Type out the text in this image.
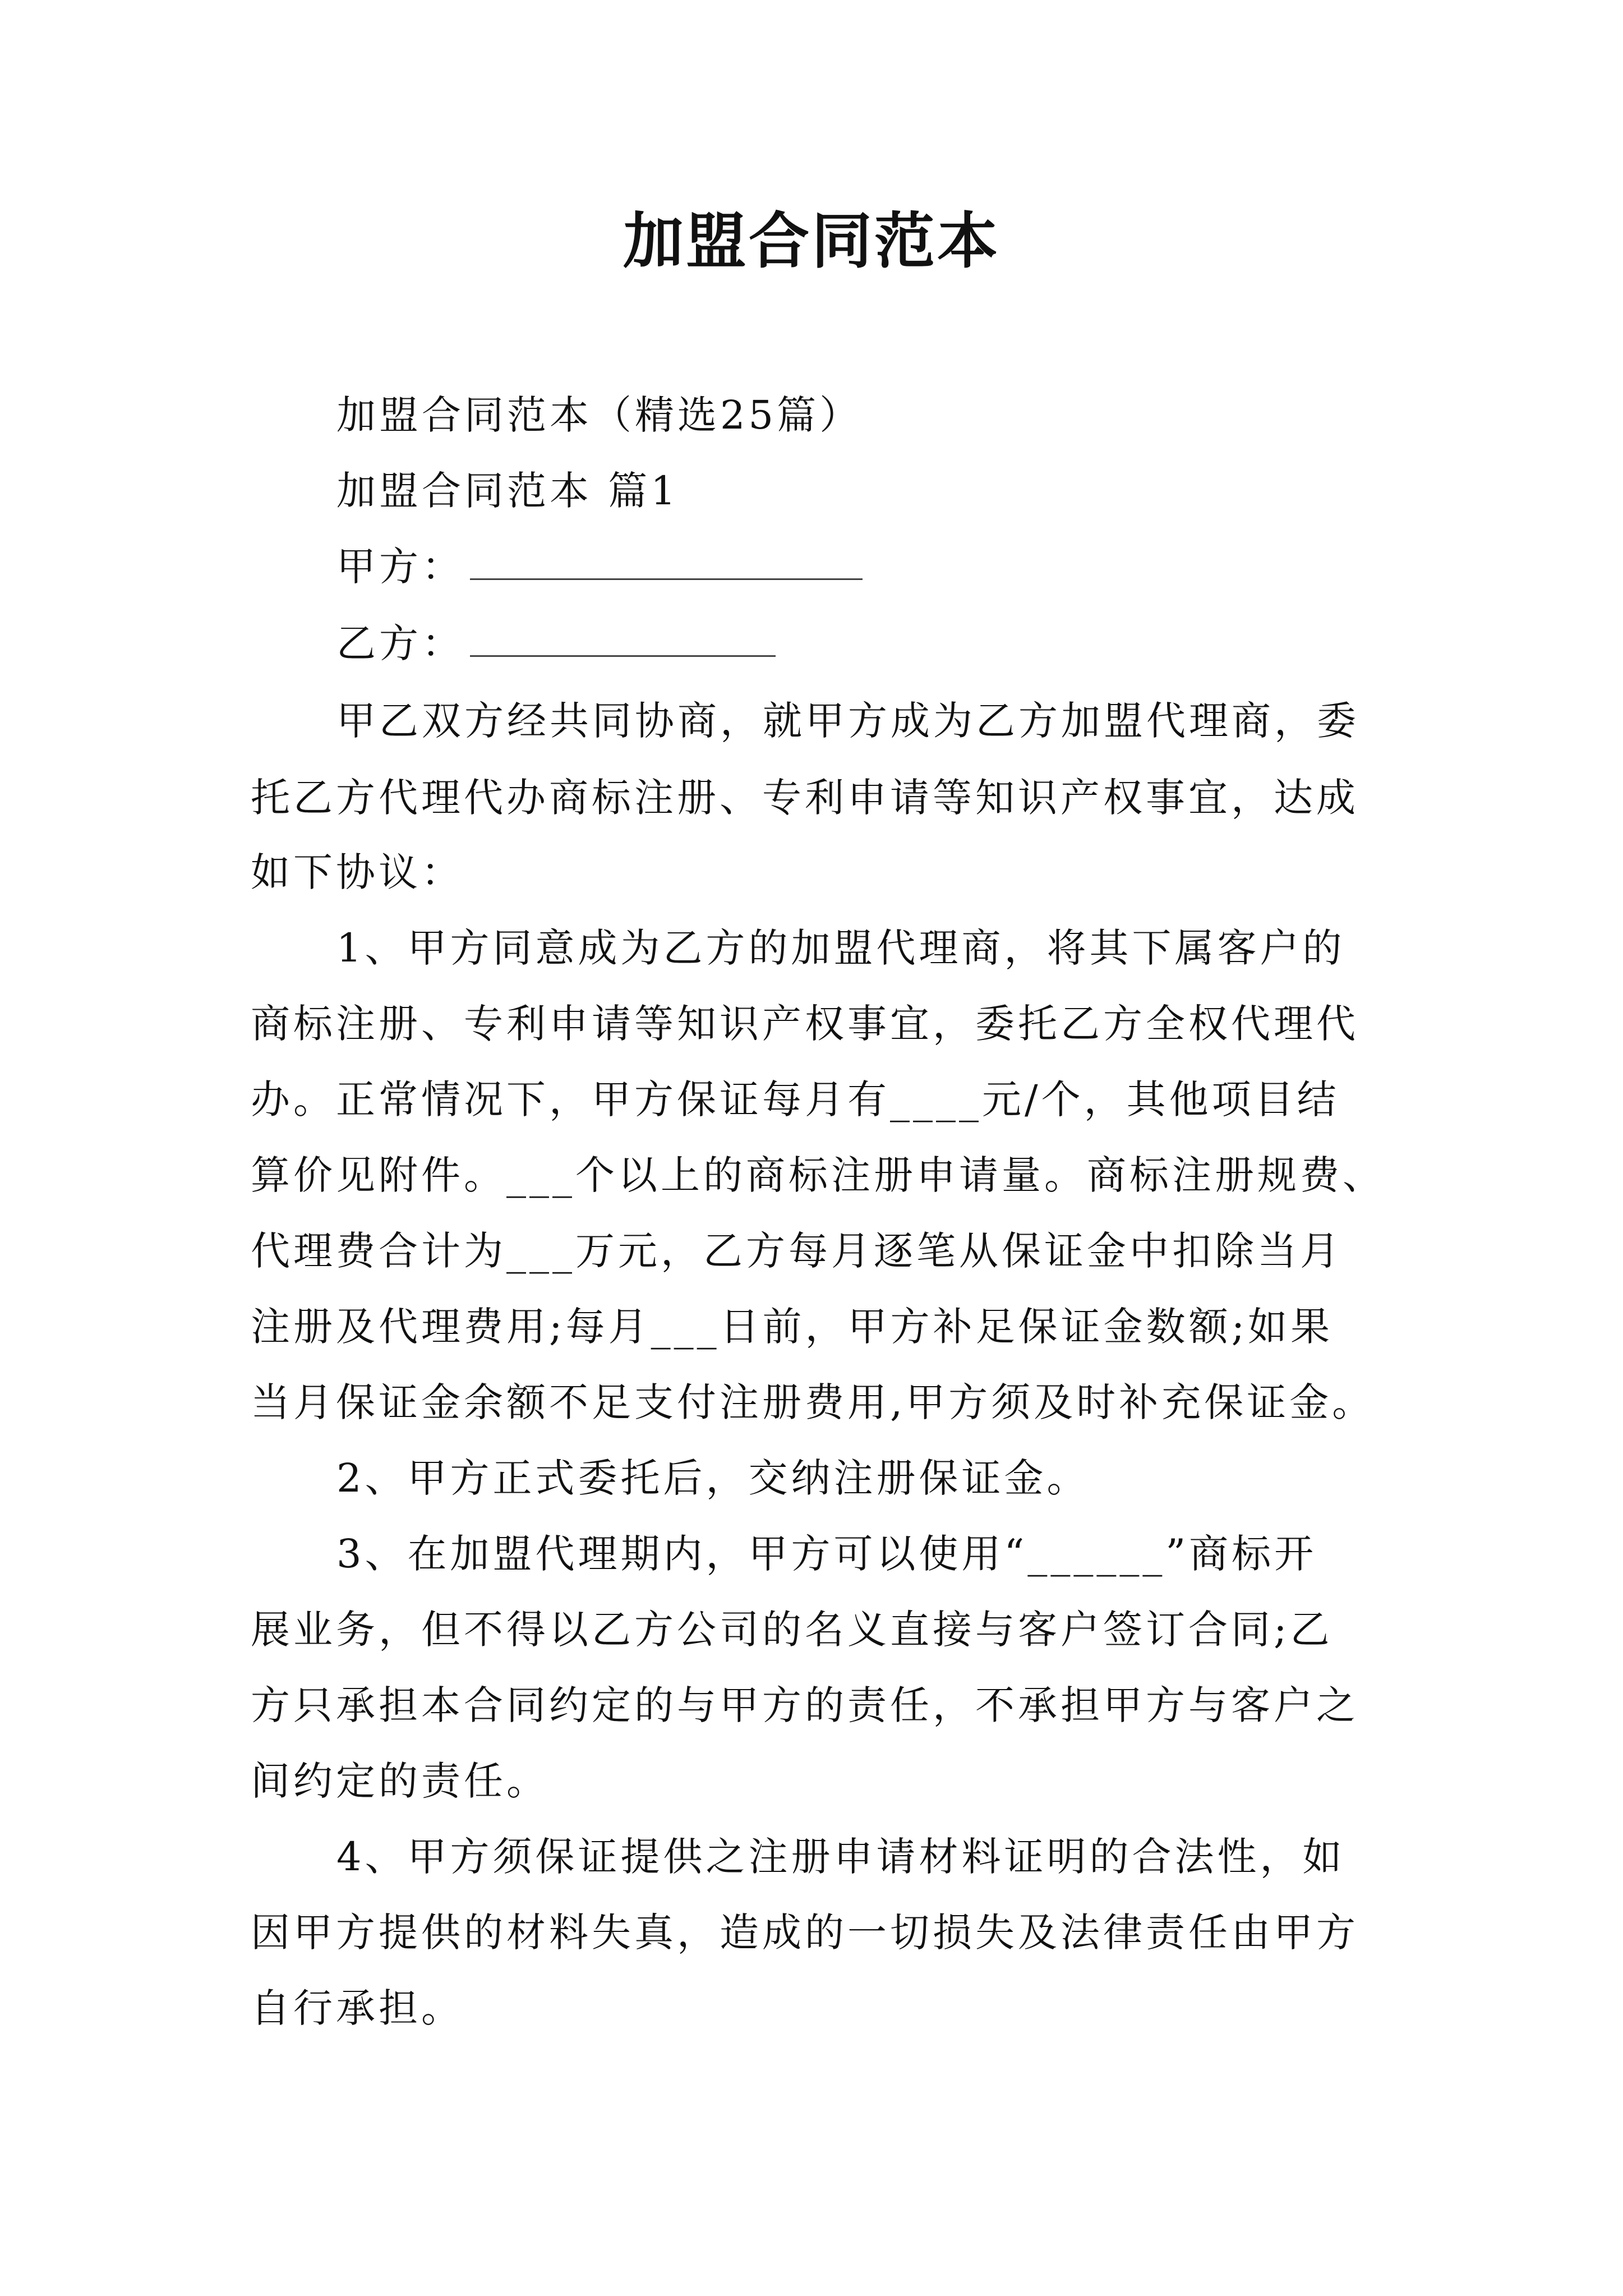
加盟合同范本
加盟合同范本（精选25篇）
加盟合同范本 篇1
甲方：
乙方：
甲乙双方经共同协商，就甲方成为乙方加盟代理商，委
托乙方代理代办商标注册、专利申请等知识产权事宜，达成
如下协议：
1、甲方同意成为乙方的加盟代理商，将其下属客户的
商标注册、专利申请等知识产权事宜，委托乙方全权代理代
办。正常情况下，甲方保证每月有____元/个，其他项目结
算价见附件。___个以上的商标注册申请量。商标注册规费、
代理费合计为___万元，乙方每月逐笔从保证金中扣除当月
注册及代理费用;每月___日前，甲方补足保证金数额;如果
当月保证金余额不足支付注册费用,甲方须及时补充保证金。
2、甲方正式委托后，交纳注册保证金。
3、在加盟代理期内，甲方可以使用“______”商标开
展业务，但不得以乙方公司的名义直接与客户签订合同;乙
方只承担本合同约定的与甲方的责任，不承担甲方与客户之
间约定的责任。
4、甲方须保证提供之注册申请材料证明的合法性，如
因甲方提供的材料失真，造成的一切损失及法律责任由甲方
自行承担。
